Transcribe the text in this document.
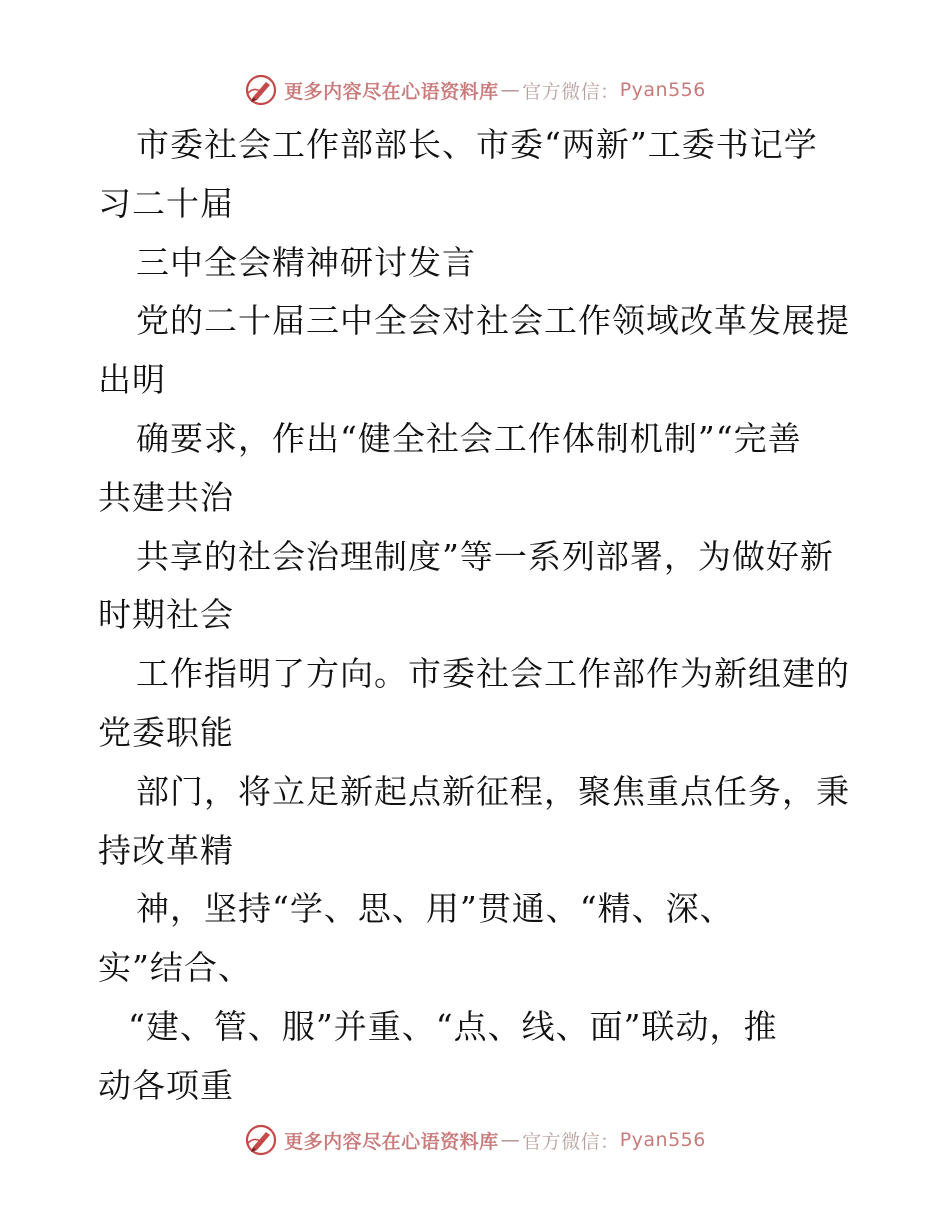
更多内容尽在心语资料库 — 官方微信： Pyan556
市委社会工作部部长、市委“两新”工委书记学
习二十届
三中全会精神研讨发言
党的二十届三中全会对社会工作领域改革发展提
出明
确要求，作出“健全社会工作体制机制”“完善
共建共治
共享的社会治理制度”等一系列部署，为做好新
时期社会
工作指明了方向。市委社会工作部作为新组建的
党委职能
部门，将立足新起点新征程，聚焦重点任务，秉
持改革精
神，坚持“学、思、用”贯通、“精、深、
实”结合、
“建、管、服”并重、“点、线、面”联动，推
动各项重
更多内容尽在心语资料库 — 官方微信： Pyan556
